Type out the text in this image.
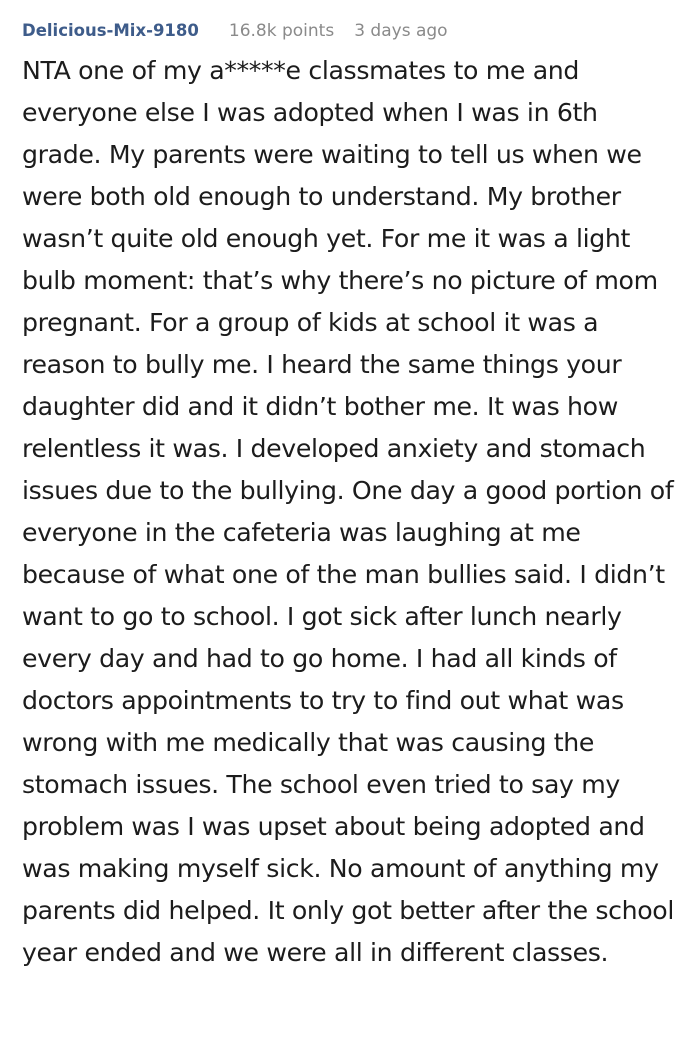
Delicious-Mix-9180 16.8k points 3 days ago

NTA one of my a*****e classmates to me and everyone else I was adopted when I was in 6th grade. My parents were waiting to tell us when we were both old enough to understand. My brother wasn’t quite old enough yet. For me it was a light bulb moment: that’s why there’s no picture of mom pregnant. For a group of kids at school it was a reason to bully me. I heard the same things your daughter did and it didn’t bother me. It was how relentless it was. I developed anxiety and stomach issues due to the bullying. One day a good portion of everyone in the cafeteria was laughing at me because of what one of the man bullies said. I didn’t want to go to school. I got sick after lunch nearly every day and had to go home. I had all kinds of doctors appointments to try to find out what was wrong with me medically that was causing the stomach issues. The school even tried to say my problem was I was upset about being adopted and was making myself sick. No amount of anything my parents did helped. It only got better after the school year ended and we were all in different classes.
